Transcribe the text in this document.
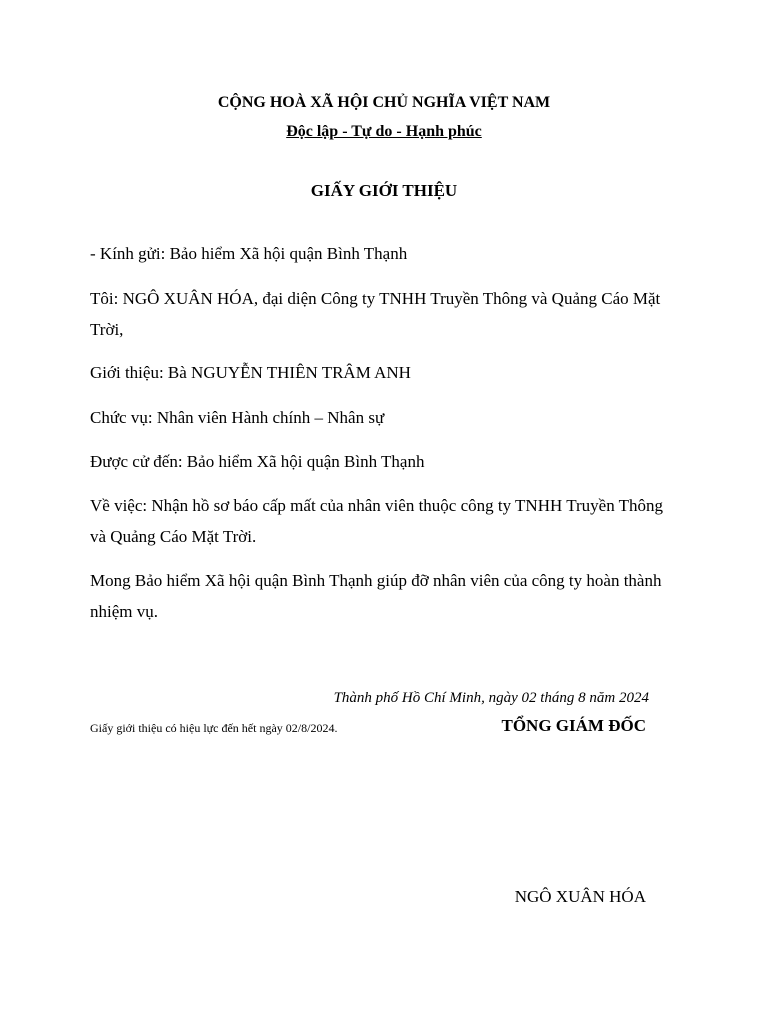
CỘNG HOÀ XÃ HỘI CHỦ NGHĨA VIỆT NAM
Độc lập - Tự do - Hạnh phúc
GIẤY GIỚI THIỆU
- Kính gửi: Bảo hiểm Xã hội quận Bình Thạnh
Tôi: NGÔ XUÂN HÓA, đại diện Công ty TNHH Truyền Thông và Quảng Cáo Mặt Trời,
Giới thiệu: Bà NGUYỄN THIÊN TRÂM ANH
Chức vụ: Nhân viên Hành chính – Nhân sự
Được cử đến: Bảo hiểm Xã hội quận Bình Thạnh
Về việc: Nhận hồ sơ báo cấp mất của nhân viên thuộc công ty TNHH Truyền Thông và Quảng Cáo Mặt Trời.
Mong Bảo hiểm Xã hội quận Bình Thạnh giúp đỡ nhân viên của công ty hoàn thành nhiệm vụ.
Thành phố Hồ Chí Minh, ngày 02 tháng 8 năm 2024
Giấy giới thiệu có hiệu lực đến hết ngày 02/8/2024.	TỔNG GIÁM ĐỐC
NGÔ XUÂN HÓA
